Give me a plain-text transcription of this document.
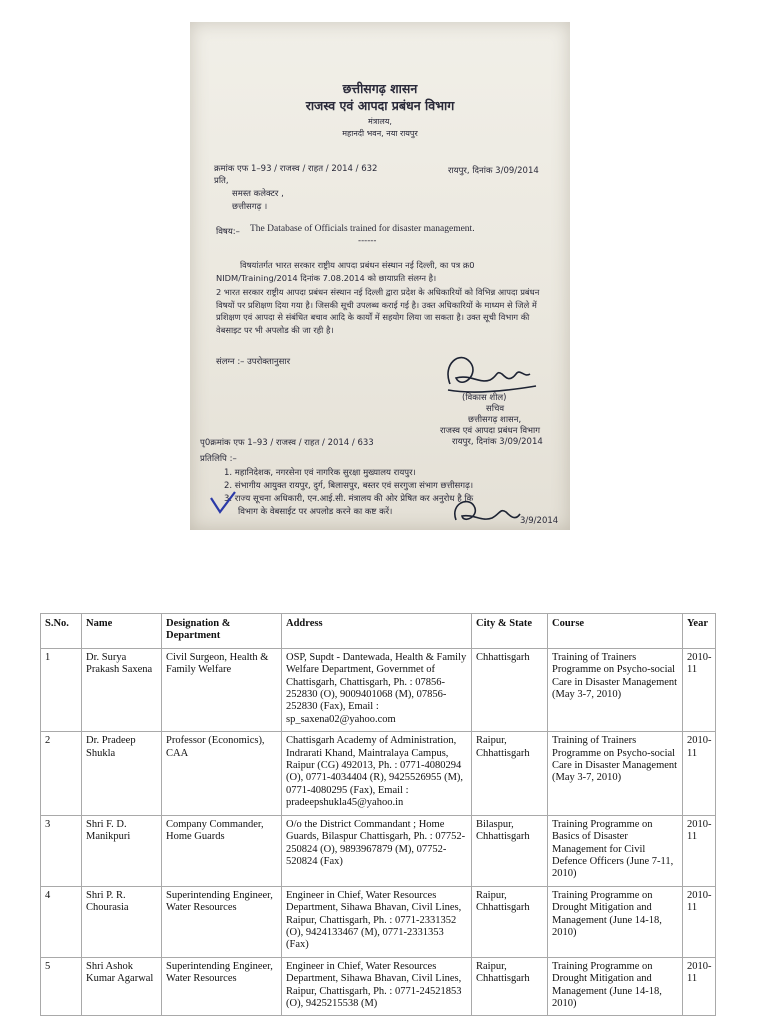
छत्तीसगढ़ शासन
राजस्व एवं आपदा प्रबंधन विभाग
मंत्रालय,
महानदी भवन, नया रायपुर
क्रमांक एफ 1–93 / राजस्व / राहत / 2014 / 632	रायपुर, दिनांक 3/09/2014
प्रति,
समस्त कलेक्टर ,
छत्तीसगढ़ ।
विषय:– The Database of Officials trained for disaster management.
------
विषयांतर्गत भारत सरकार राष्ट्रीय आपदा प्रबंधन संस्थान नई दिल्ली, का पत्र क्र0 NIDM/Training/2014 दिनांक 7.08.2014 को छायाप्रति संलग्न है।
2 भारत सरकार राष्ट्रीय आपदा प्रबंधन संस्थान नई दिल्ली द्वारा प्रदेश के अधिकारियों को विभिन्न आपदा प्रबंधन विषयों पर प्रशिक्षण दिया गया है। जिसकी सूची उपलब्ध कराई गई है। उक्त अधिकारियों के माध्यम से जिले में प्रशिक्षण एवं आपदा से संबंधित बचाव आदि के कार्यों में सहयोग लिया जा सकता है। उक्त सूची विभाग की वेबसाइट पर भी अपलोड की जा रही है।
संलग्न :– उपरोक्तानुसार
(विकास शील)
सचिव
छत्तीसगढ़ शासन,
राजस्व एवं आपदा प्रबंधन विभाग
रायपुर, दिनांक 3/09/2014
पृ0क्रमांक एफ 1–93 / राजस्व / राहत / 2014 / 633
प्रतिलिपि :–
1. महानिदेशक, नगरसेना एवं नागरिक सुरक्षा मुख्यालय रायपुर।
2. संभागीय आयुक्त रायपुर, दुर्ग, बिलासपुर, बस्तर एवं सरगुजा संभाग छत्तीसगढ़।
3. राज्य सूचना अधिकारी, एन.आई.सी. मंत्रालय की ओर प्रेषित कर अनुरोध है कि
विभाग के वेबसाईट पर अपलोड करने का कष्ट करें।
3/9/2014
S.No.	Name	Designation & Department	Address	City & State	Course	Year	
1	Dr. Surya Prakash Saxena	Civil Surgeon, Health & Family Welfare	OSP, Supdt - Dantewada, Health & Family Welfare Department, Governmet of Chattisgarh, Chattisgarh, Ph. : 07856-252830 (O), 9009401068 (M), 07856-252830 (Fax), Email : sp_saxena02@yahoo.com	Chhattisgarh	Training of Trainers Programme on Psycho-social Care in Disaster Management (May 3-7, 2010)	2010-11	
2	Dr. Pradeep Shukla	Professor (Economics), CAA	Chattisgarh Academy of Administration, Indrarati Khand, Maintralaya Campus, Raipur (CG) 492013, Ph. : 0771-4080294 (O), 0771-4034404 (R), 9425526955 (M), 0771-4080295 (Fax), Email : pradeepshukla45@yahoo.in	Raipur, Chhattisgarh	Training of Trainers Programme on Psycho-social Care in Disaster Management (May 3-7, 2010)	2010-11	
3	Shri F. D. Manikpuri	Company Commander, Home Guards	O/o the District Commandant ; Home Guards, Bilaspur Chattisgarh, Ph. : 07752-250824 (O), 9893967879 (M), 07752-520824 (Fax)	Bilaspur, Chhattisgarh	Training Programme on Basics of Disaster Management for Civil Defence Officers (June 7-11, 2010)	2010-11	
4	Shri P. R. Chourasia	Superintending Engineer, Water Resources	Engineer in Chief, Water Resources Department, Sihawa Bhavan, Civil Lines, Raipur, Chattisgarh, Ph. : 0771-2331352 (O), 9424133467 (M), 0771-2331353 (Fax)	Raipur, Chhattisgarh	Training Programme on Drought Mitigation and Management (June 14-18, 2010)	2010-11	
5	Shri Ashok Kumar Agarwal	Superintending Engineer, Water Resources	Engineer in Chief, Water Resources Department, Sihawa Bhavan, Civil Lines, Raipur, Chattisgarh, Ph. : 0771-24521853 (O), 9425215538 (M)	Raipur, Chhattisgarh	Training Programme on Drought Mitigation and Management (June 14-18, 2010)	2010-11	
